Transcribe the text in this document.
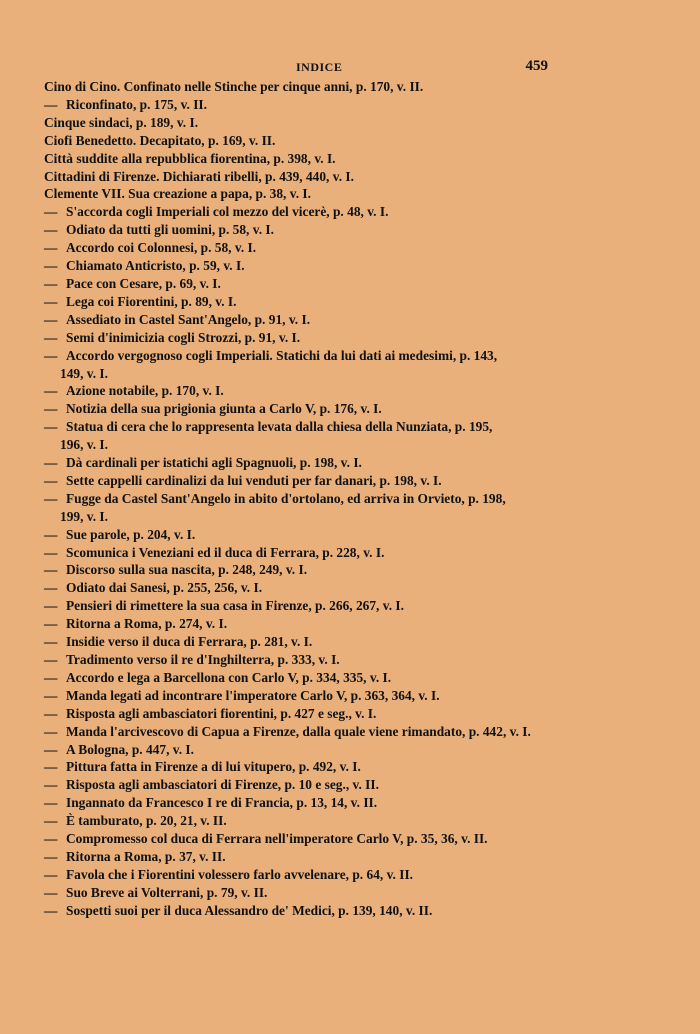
INDICE	459
Cino di Cino. Confinato nelle Stinche per cinque anni, p. 170, v. II.
— Riconfinato, p. 175, v. II.
Cinque sindaci, p. 189, v. I.
Ciofi Benedetto. Decapitato, p. 169, v. II.
Città suddite alla repubblica fiorentina, p. 398, v. I.
Cittadini di Firenze. Dichiarati ribelli, p. 439, 440, v. I.
Clemente VII. Sua creazione a papa, p. 38, v. I.
— S'accorda cogli Imperiali col mezzo del vicerè, p. 48, v. I.
— Odiato da tutti gli uomini, p. 58, v. I.
— Accordo coi Colonnesi, p. 58, v. I.
— Chiamato Anticristo, p. 59, v. I.
— Pace con Cesare, p. 69, v. I.
— Lega coi Fiorentini, p. 89, v. I.
— Assediato in Castel Sant'Angelo, p. 91, v. I.
— Semi d'inimicizia cogli Strozzi, p. 91, v. I.
— Accordo vergognoso cogli Imperiali. Statichi da lui dati ai medesimi, p. 143,
149, v. I.
— Azione notabile, p. 170, v. I.
— Notizia della sua prigionia giunta a Carlo V, p. 176, v. I.
— Statua di cera che lo rappresenta levata dalla chiesa della Nunziata, p. 195,
196, v. I.
— Dà cardinali per istatichi agli Spagnuoli, p. 198, v. I.
— Sette cappelli cardinalizi da lui venduti per far danari, p. 198, v. I.
— Fugge da Castel Sant'Angelo in abito d'ortolano, ed arriva in Orvieto, p. 198,
199, v. I.
— Sue parole, p. 204, v. I.
— Scomunica i Veneziani ed il duca di Ferrara, p. 228, v. I.
— Discorso sulla sua nascita, p. 248, 249, v. I.
— Odiato dai Sanesi, p. 255, 256, v. I.
— Pensieri di rimettere la sua casa in Firenze, p. 266, 267, v. I.
— Ritorna a Roma, p. 274, v. I.
— Insidie verso il duca di Ferrara, p. 281, v. I.
— Tradimento verso il re d'Inghilterra, p. 333, v. I.
— Accordo e lega a Barcellona con Carlo V, p. 334, 335, v. I.
— Manda legati ad incontrare l'imperatore Carlo V, p. 363, 364, v. I.
— Risposta agli ambasciatori fiorentini, p. 427 e seg., v. I.
— Manda l'arcivescovo di Capua a Firenze, dalla quale viene rimandato, p. 442, v. I.
— A Bologna, p. 447, v. I.
— Pittura fatta in Firenze a di lui vitupero, p. 492, v. I.
— Risposta agli ambasciatori di Firenze, p. 10 e seg., v. II.
— Ingannato da Francesco I re di Francia, p. 13, 14, v. II.
— È tamburato, p. 20, 21, v. II.
— Compromesso col duca di Ferrara nell'imperatore Carlo V, p. 35, 36, v. II.
— Ritorna a Roma, p. 37, v. II.
— Favola che i Fiorentini volessero farlo avvelenare, p. 64, v. II.
— Suo Breve ai Volterrani, p. 79, v. II.
— Sospetti suoi per il duca Alessandro de' Medici, p. 139, 140, v. II.
